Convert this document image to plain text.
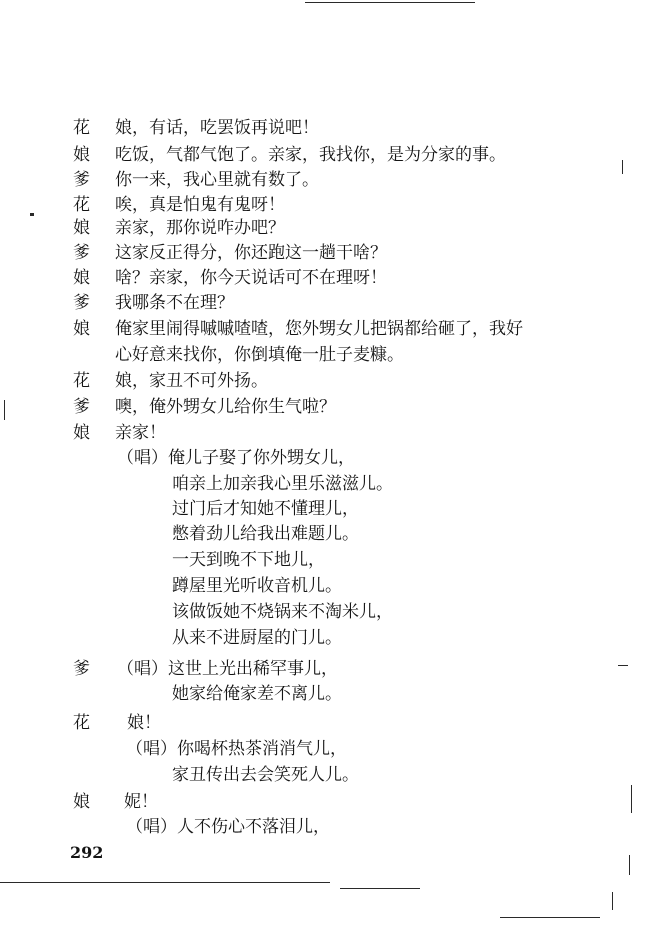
花 娘，有话，吃罢饭再说吧！
娘 吃饭，气都气饱了。亲家，我找你，是为分家的事。
爹 你一来，我心里就有数了。
花 唉，真是怕鬼有鬼呀！
娘 亲家，那你说咋办吧？
爹 这家反正得分，你还跑这一趟干啥？
娘 啥？亲家，你今天说话可不在理呀！
爹 我哪条不在理？
娘 俺家里闹得嘁嘁喳喳，您外甥女儿把锅都给砸了，我好
心好意来找你，你倒填俺一肚子麦糠。
花 娘，家丑不可外扬。
爹 噢，俺外甥女儿给你生气啦？
娘 亲家！
（唱）俺儿子娶了你外甥女儿，
咱亲上加亲我心里乐滋滋儿。
过门后才知她不懂理儿，
憋着劲儿给我出难题儿。
一天到晚不下地儿，
蹲屋里光听收音机儿。
该做饭她不烧锅来不淘米儿，
从来不进厨屋的门儿。
爹 （唱）这世上光出稀罕事儿，
她家给俺家差不离儿。
花 娘！
（唱）你喝杯热茶消消气儿，
家丑传出去会笑死人儿。
娘 妮！
（唱）人不伤心不落泪儿，
292
